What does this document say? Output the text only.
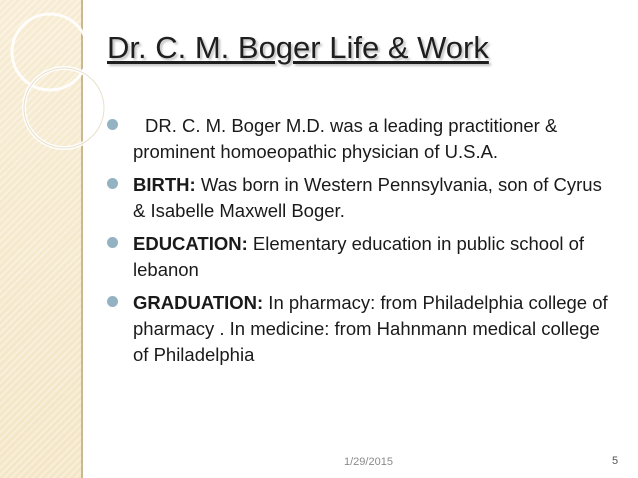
Dr. C. M. Boger Life & Work
DR. C. M. Boger M.D. was a leading practitioner & prominent homoeopathic physician of U.S.A.
BIRTH: Was born in Western Pennsylvania, son of Cyrus & Isabelle Maxwell Boger.
EDUCATION: Elementary education in public school of lebanon
GRADUATION: In pharmacy: from Philadelphia college of pharmacy . In medicine: from Hahnmann medical college of Philadelphia
1/29/2015	5
